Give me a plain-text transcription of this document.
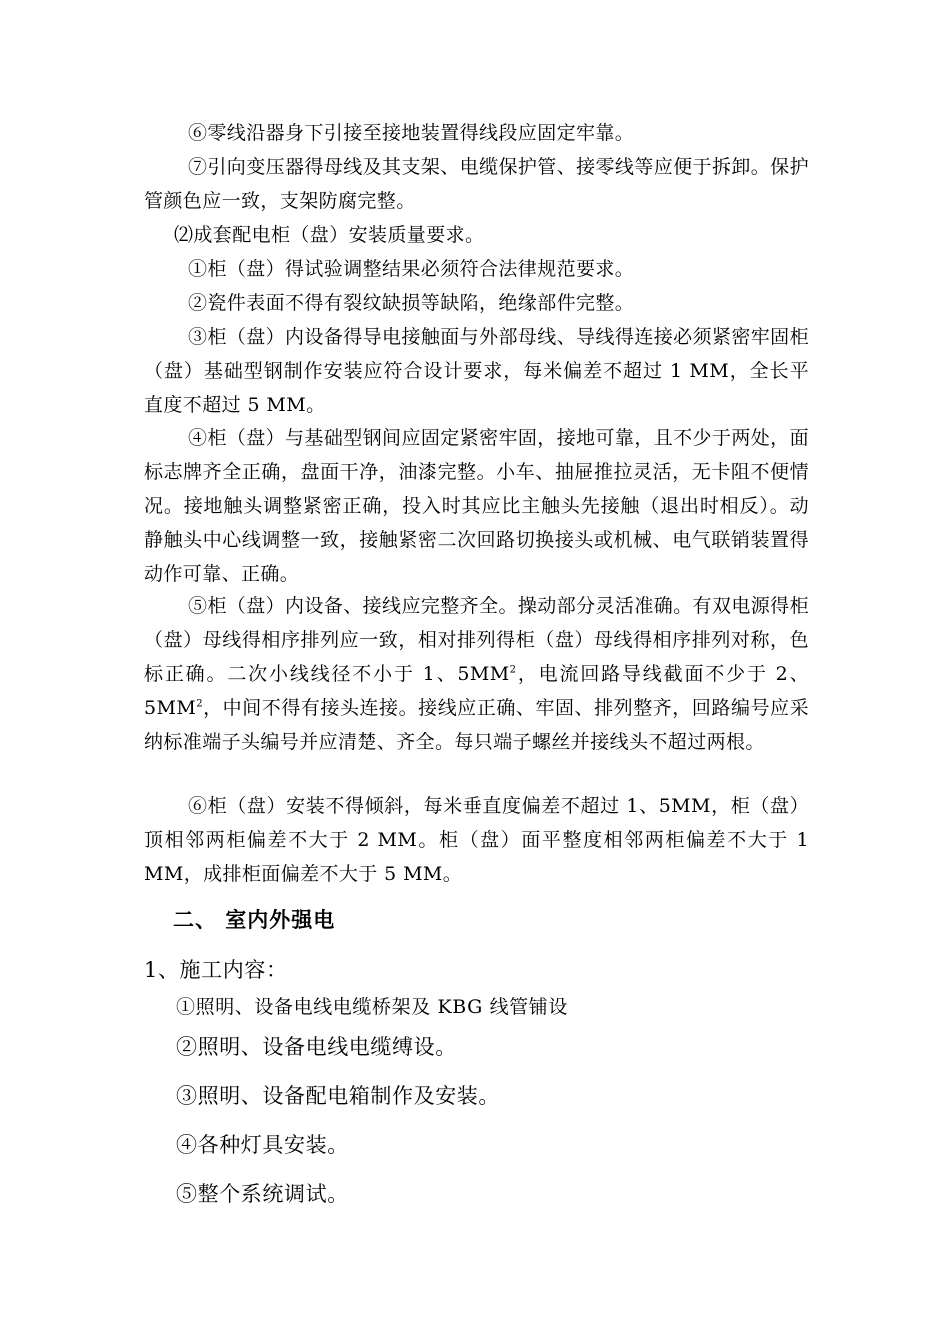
⑥零线沿器身下引接至接地装置得线段应固定牢靠。

⑦引向变压器得母线及其支架、电缆保护管、接零线等应便于拆卸。保护管颜色应一致，支架防腐完整。

⑵成套配电柜（盘）安装质量要求。

①柜（盘）得试验调整结果必须符合法律规范要求。

②瓷件表面不得有裂纹缺损等缺陷，绝缘部件完整。

③柜（盘）内设备得导电接触面与外部母线、导线得连接必须紧密牢固柜（盘）基础型钢制作安装应符合设计要求，每米偏差不超过 1 MM，全长平直度不超过 5 MM。

④柜（盘）与基础型钢间应固定紧密牢固，接地可靠，且不少于两处，面标志牌齐全正确，盘面干净，油漆完整。小车、抽屉推拉灵活，无卡阻不便情况。接地触头调整紧密正确，投入时其应比主触头先接触（退出时相反）。动静触头中心线调整一致，接触紧密二次回路切换接头或机械、电气联销装置得动作可靠、正确。

⑤柜（盘）内设备、接线应完整齐全。操动部分灵活准确。有双电源得柜（盘）母线得相序排列应一致，相对排列得柜（盘）母线得相序排列对称，色标正确。二次小线线径不小于 1、$5MM^2$，电流回路导线截面不少于 2、$5MM^2$，中间不得有接头连接。接线应正确、牢固、排列整齐，回路编号应采纳标准端子头编号并应清楚、齐全。每只端子螺丝并接线头不超过两根。

⑥柜（盘）安装不得倾斜，每米垂直度偏差不超过 1、5MM，柜（盘）顶相邻两柜偏差不大于 2 MM。柜（盘）面平整度相邻两柜偏差不大于 1 MM，成排柜面偏差不大于 5 MM。

二、 室内外强电
1、施工内容：
①照明、设备电线电缆桥架及 KBG 线管铺设
②照明、设备电线电缆缚设。
③照明、设备配电箱制作及安装。
④各种灯具安装。
⑤整个系统调试。
